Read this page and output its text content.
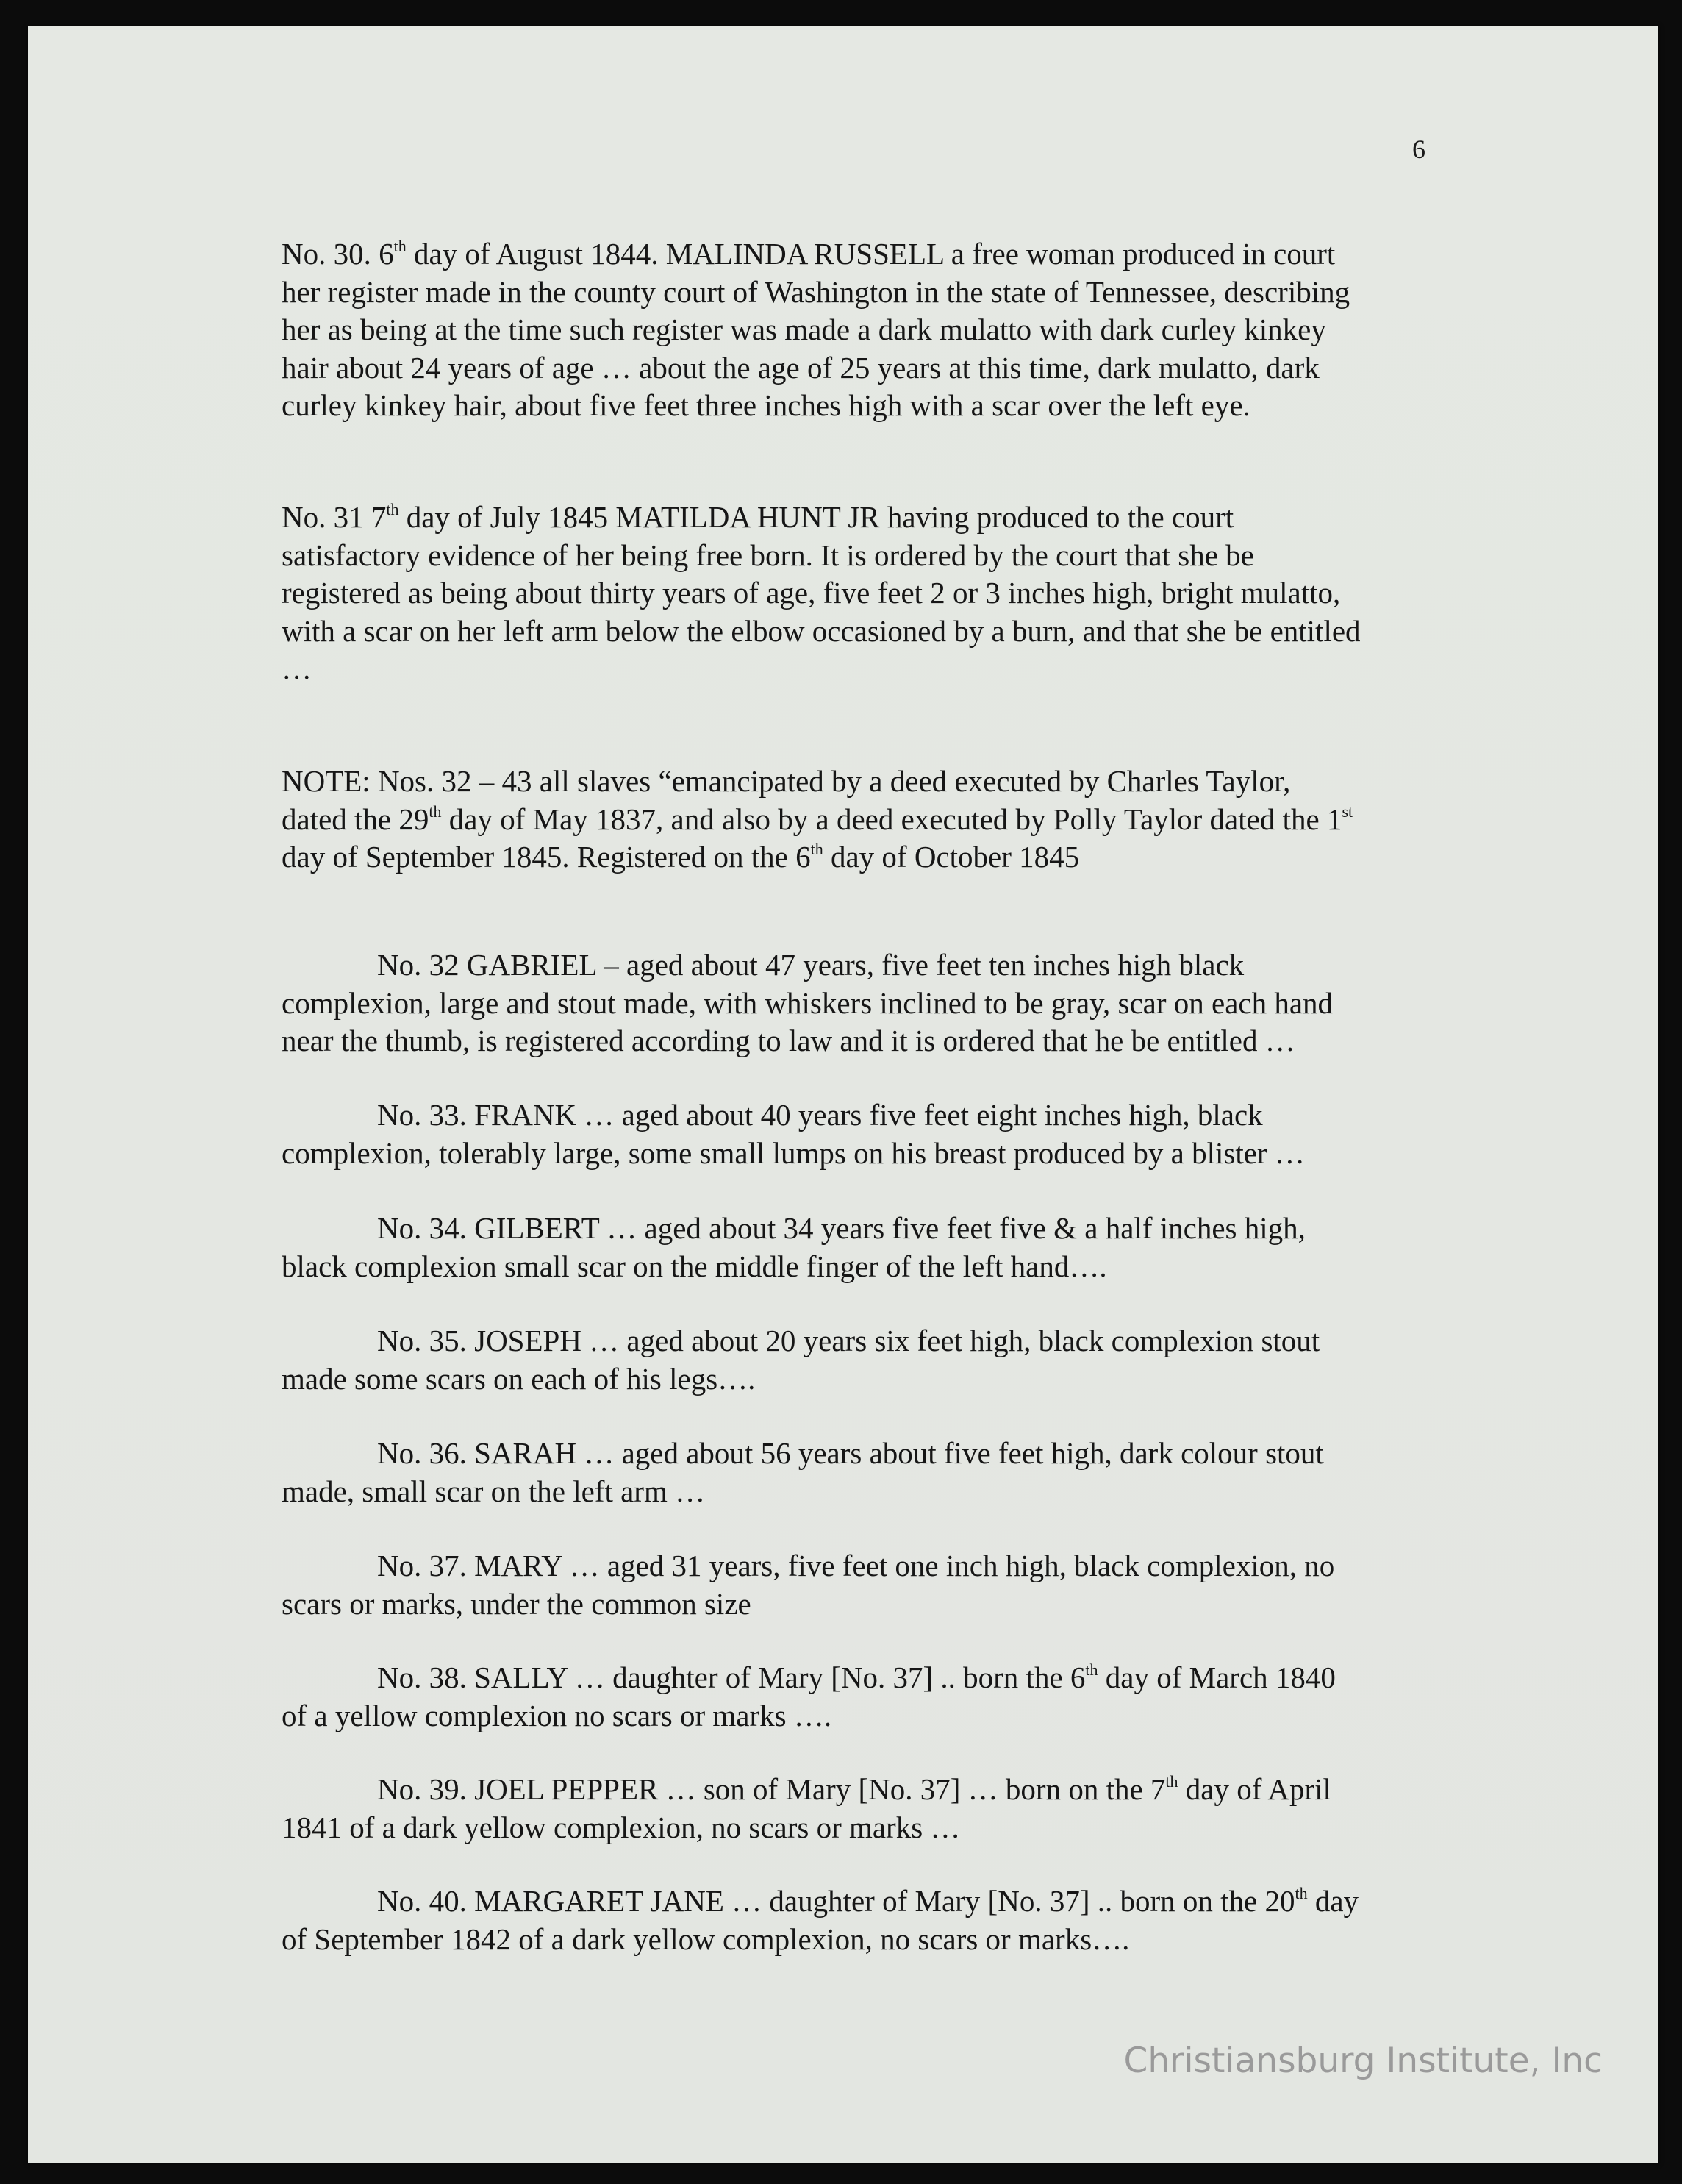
6
No. 30. 6th day of August 1844. MALINDA RUSSELL a free woman produced in court
her register made in the county court of Washington in the state of Tennessee, describing
her as being at the time such register was made a dark mulatto with dark curley kinkey
hair about 24 years of age … about the age of 25 years at this time, dark mulatto, dark
curley kinkey hair, about five feet three inches high with a scar over the left eye.
No. 31 7th day of July 1845 MATILDA HUNT JR having produced to the court
satisfactory evidence of her being free born. It is ordered by the court that she be
registered as being about thirty years of age, five feet 2 or 3 inches high, bright mulatto,
with a scar on her left arm below the elbow occasioned by a burn, and that she be entitled
…
NOTE: Nos. 32 – 43 all slaves “emancipated by a deed executed by Charles Taylor,
dated the 29th day of May 1837, and also by a deed executed by Polly Taylor dated the 1st
day of September 1845. Registered on the 6th day of October 1845
No. 32 GABRIEL – aged about 47 years, five feet ten inches high black
complexion, large and stout made, with whiskers inclined to be gray, scar on each hand
near the thumb, is registered according to law and it is ordered that he be entitled …
No. 33. FRANK … aged about 40 years five feet eight inches high, black
complexion, tolerably large, some small lumps on his breast produced by a blister …
No. 34. GILBERT … aged about 34 years five feet five & a half inches high,
black complexion small scar on the middle finger of the left hand….
No. 35. JOSEPH … aged about 20 years six feet high, black complexion stout
made some scars on each of his legs….
No. 36. SARAH … aged about 56 years about five feet high, dark colour stout
made, small scar on the left arm …
No. 37. MARY … aged 31 years, five feet one inch high, black complexion, no
scars or marks, under the common size
No. 38. SALLY … daughter of Mary [No. 37] .. born the 6th day of March 1840
of a yellow complexion no scars or marks ….
No. 39. JOEL PEPPER … son of Mary [No. 37] … born on the 7th day of April
1841 of a dark yellow complexion, no scars or marks …
No. 40. MARGARET JANE … daughter of Mary [No. 37] .. born on the 20th day
of September 1842 of a dark yellow complexion, no scars or marks….
Christiansburg Institute, Inc
